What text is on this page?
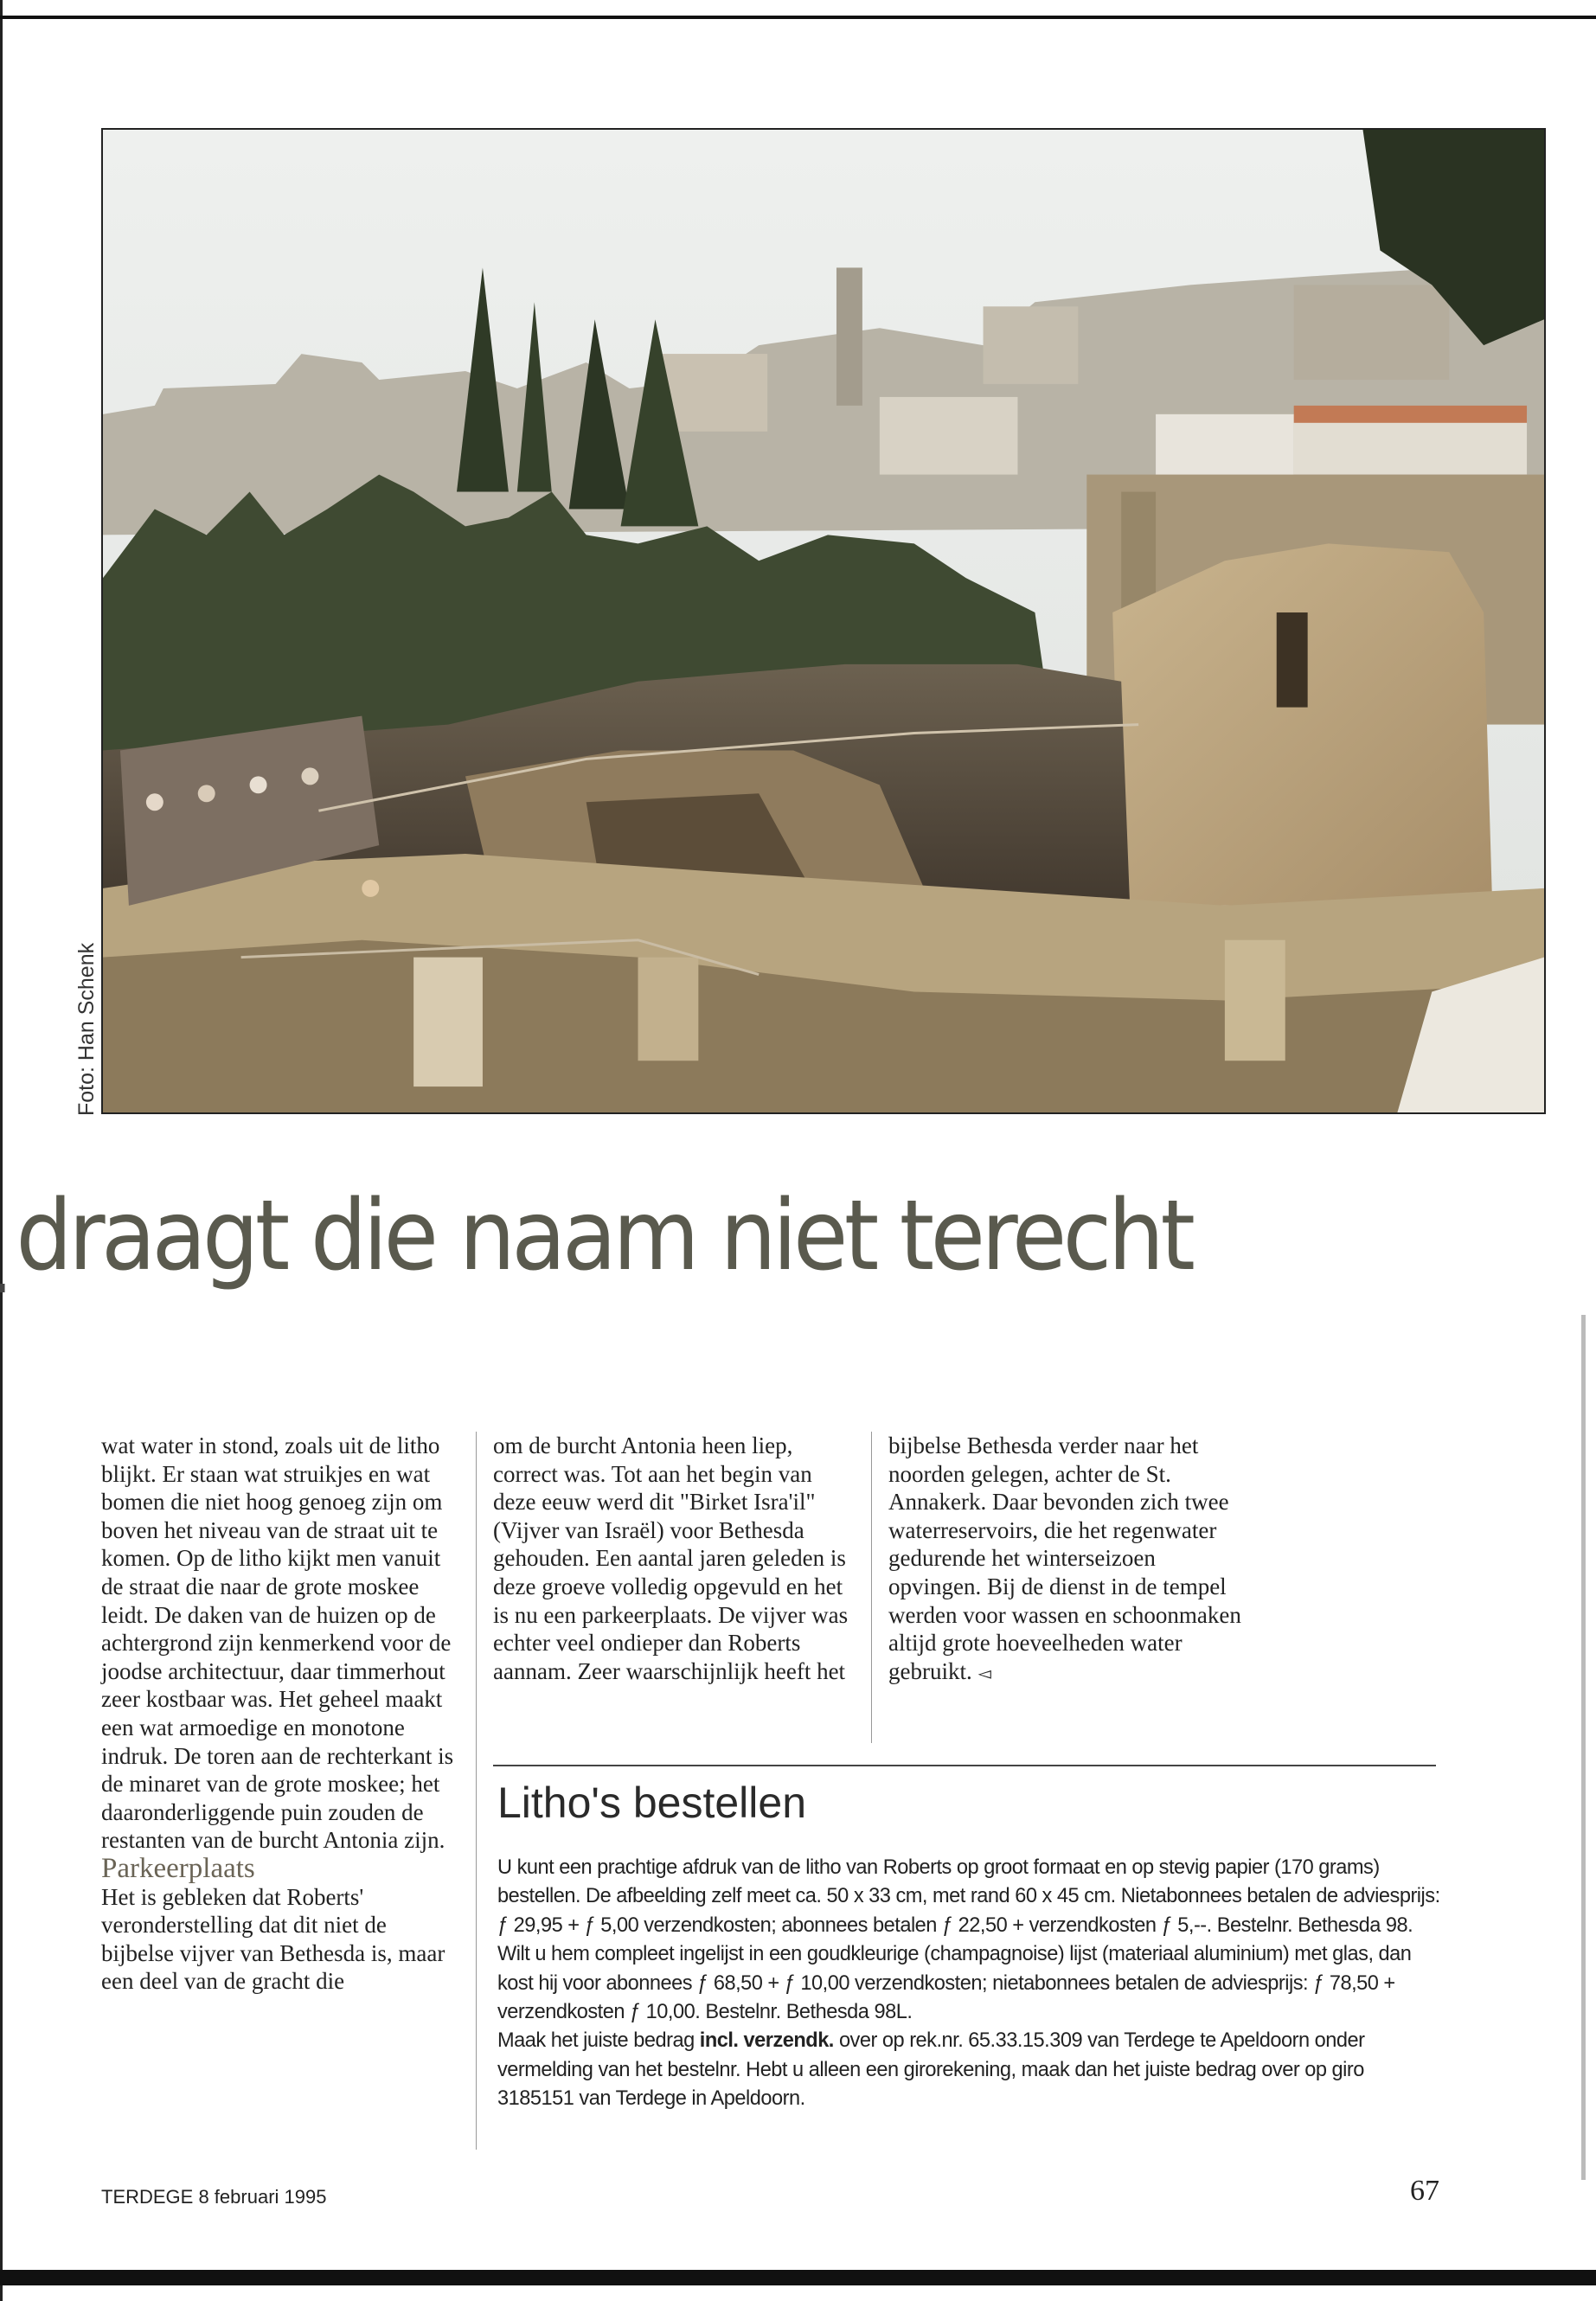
Foto: Han Schenk
draagt die naam niet terecht

wat water in stond, zoals uit de litho blijkt. Er staan wat struikjes en wat bomen die niet hoog genoeg zijn om boven het niveau van de straat uit te komen. Op de litho kijkt men vanuit de straat die naar de grote moskee leidt. De daken van de huizen op de achtergrond zijn kenmerkend voor de joodse architectuur, daar timmerhout zeer kostbaar was. Het geheel maakt een wat armoedige en monotone indruk. De toren aan de rechterkant is de minaret van de grote moskee; het daaronderliggende puin zouden de restanten van de burcht Antonia zijn.

Parkeerplaats

Het is gebleken dat Roberts' veronderstelling dat dit niet de bijbelse vijver van Bethesda is, maar een deel van de gracht die

om de burcht Antonia heen liep, correct was. Tot aan het begin van deze eeuw werd dit "Birket Isra'il" (Vijver van Israël) voor Bethesda gehouden. Een aantal jaren geleden is deze groeve volledig opgevuld en het is nu een parkeerplaats. De vijver was echter veel ondieper dan Roberts aannam. Zeer waarschijnlijk heeft het

bijbelse Bethesda verder naar het noorden gelegen, achter de St. Annakerk. Daar bevonden zich twee waterreservoirs, die het regenwater gedurende het winterseizoen opvingen. Bij de dienst in de tempel werden voor wassen en schoonmaken altijd grote hoeveelheden water gebruikt. ◅

Litho's bestellen

U kunt een prachtige afdruk van de litho van Roberts op groot formaat en op stevig papier (170 grams) bestellen. De afbeelding zelf meet ca. 50 x 33 cm, met rand 60 x 45 cm. Nietabonnees betalen de adviesprijs: ƒ 29,95 + ƒ 5,00 verzendkosten; abonnees betalen ƒ 22,50 + verzendkosten ƒ 5,--. Bestelnr. Bethesda 98.

Wilt u hem compleet ingelijst in een goudkleurige (champagnoise) lijst (materiaal aluminium) met glas, dan kost hij voor abonnees ƒ 68,50 + ƒ 10,00 verzendkosten; nietabonnees betalen de adviesprijs: ƒ 78,50 + verzendkosten ƒ 10,00. Bestelnr. Bethesda 98L.

Maak het juiste bedrag incl. verzendk. over op rek.nr. 65.33.15.309 van Terdege te Apeldoorn onder vermelding van het bestelnr. Hebt u alleen een girorekening, maak dan het juiste bedrag over op giro 3185151 van Terdege in Apeldoorn.

TERDEGE 8 februari 1995	67
